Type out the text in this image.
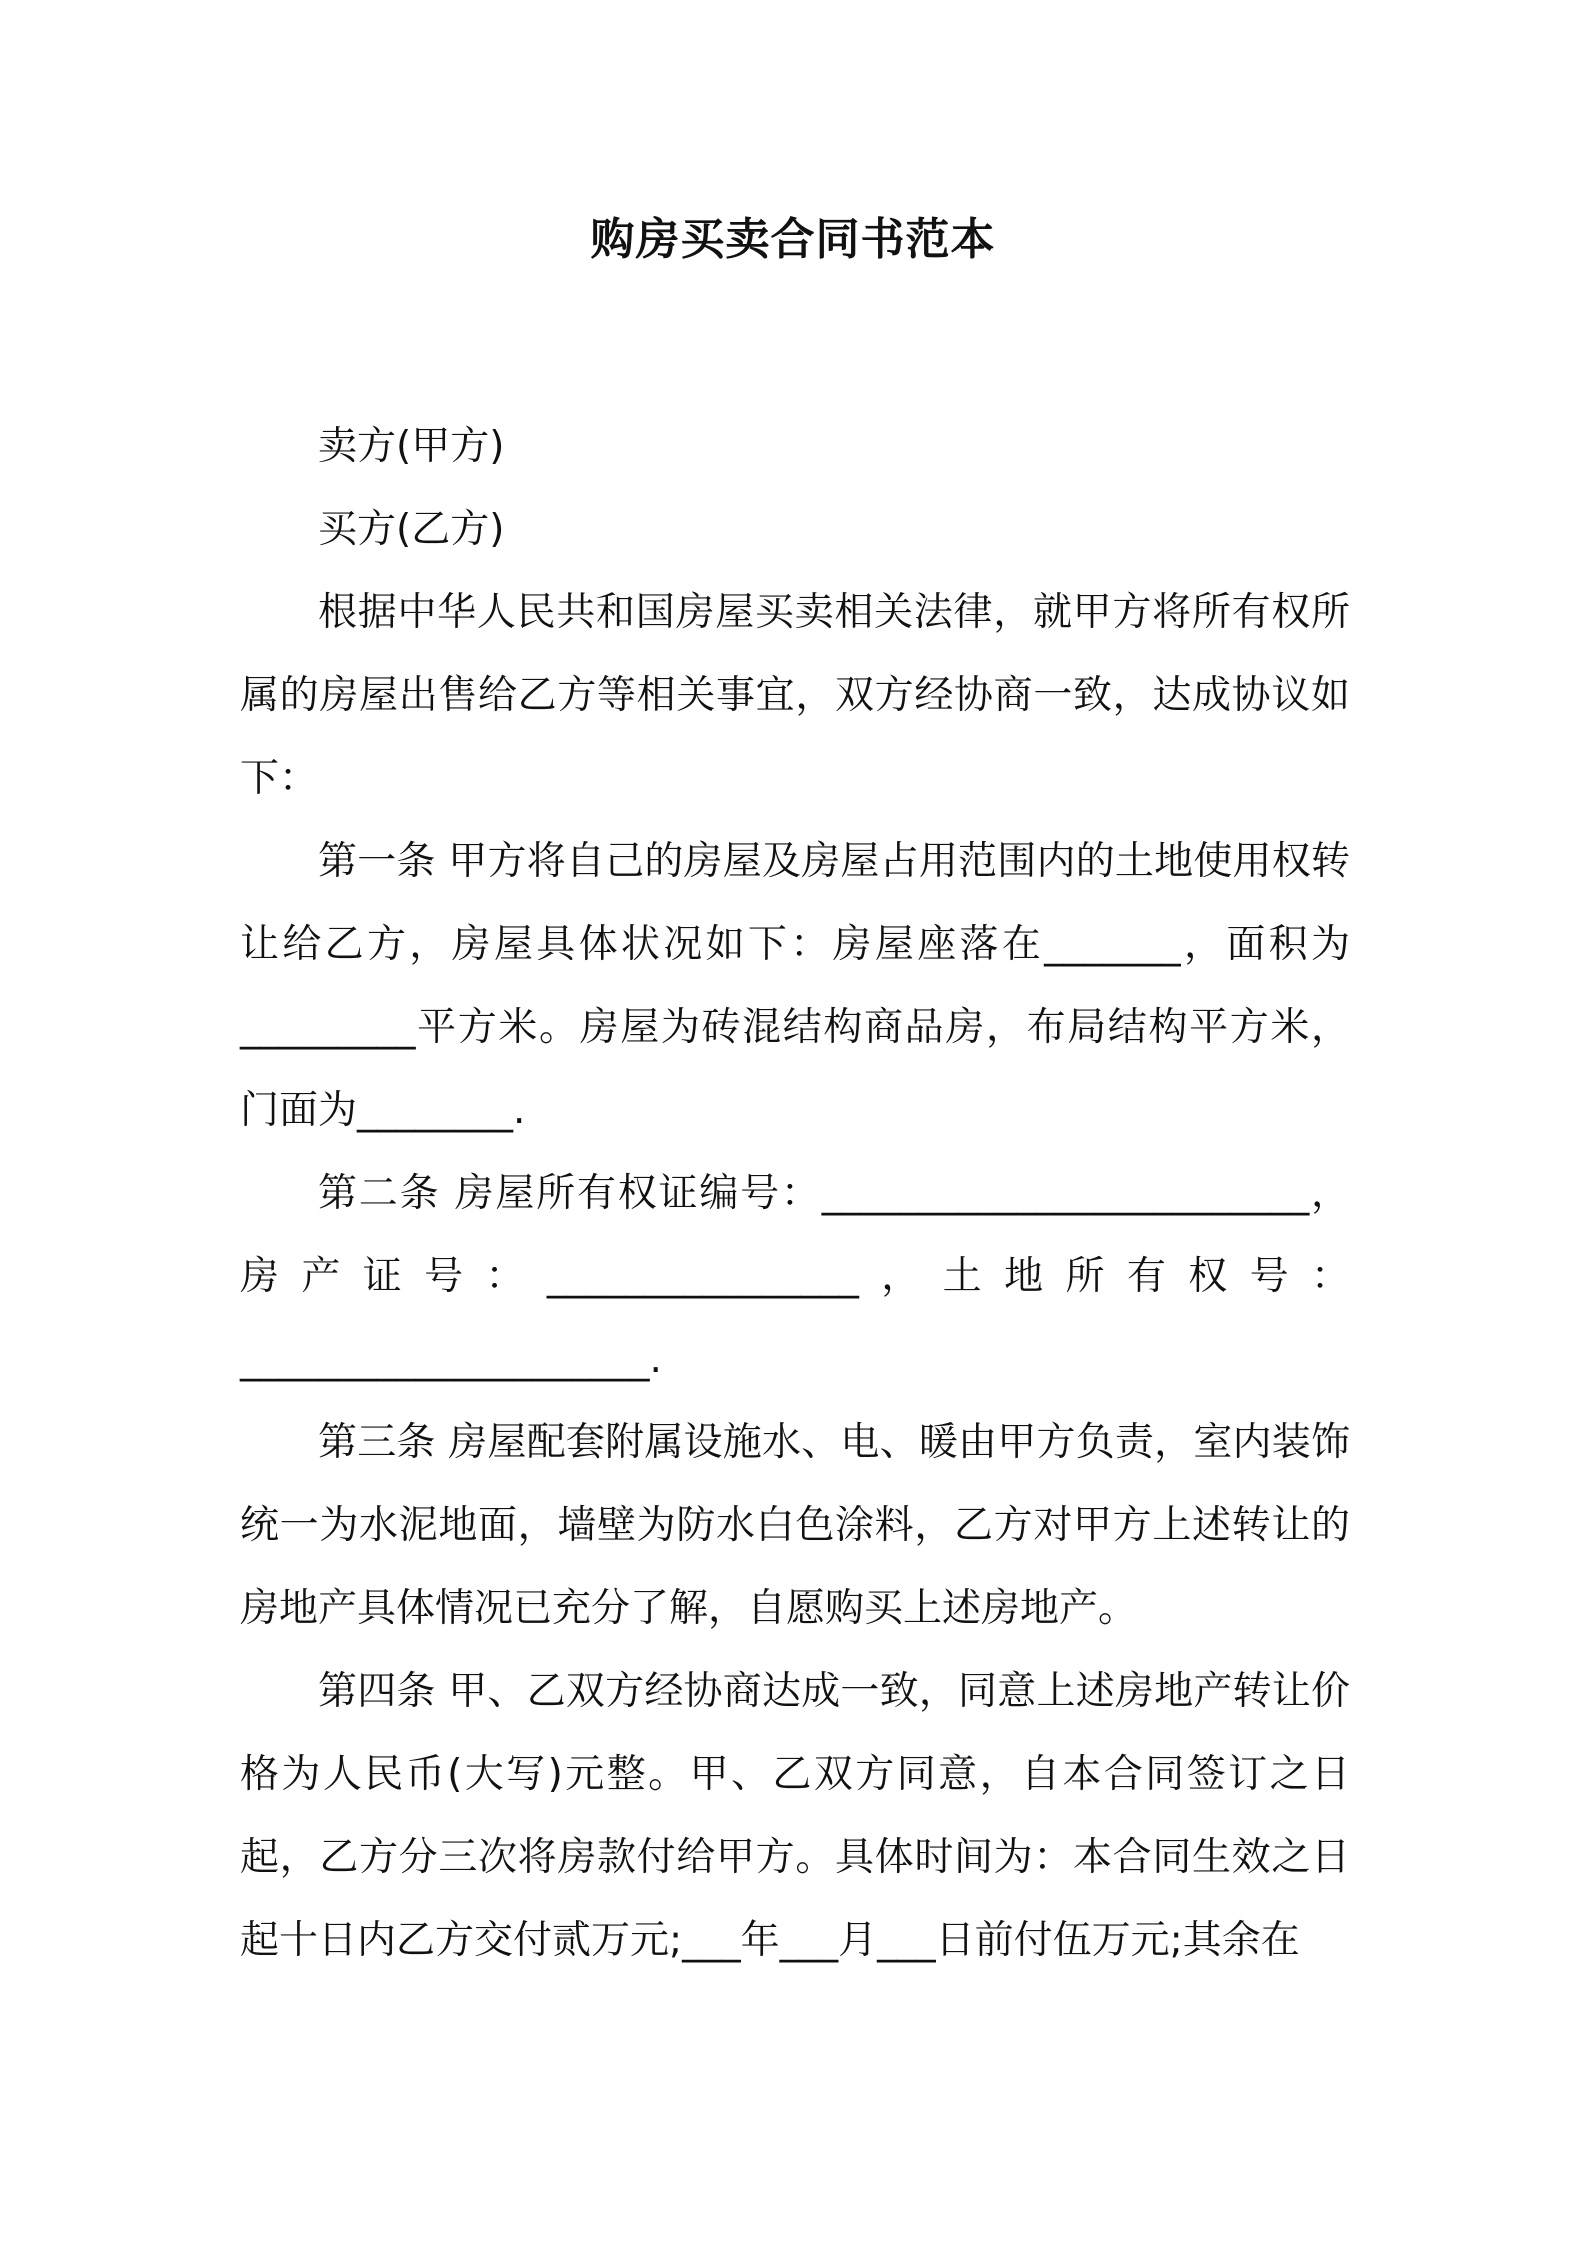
购房买卖合同书范本

卖方(甲方)

买方(乙方)

根据中华人民共和国房屋买卖相关法律，就甲方将所有权所属的房屋出售给乙方等相关事宜，双方经协商一致，达成协议如下：

第一条 甲方将自己的房屋及房屋占用范围内的土地使用权转让给乙方，房屋具体状况如下：房屋座落在_______，面积为_________平方米。房屋为砖混结构商品房，布局结构平方米，门面为________.

第二条 房屋所有权证编号：_________________________，房产证号：________________，土地所有权号：_____________________.

第三条 房屋配套附属设施水、电、暖由甲方负责，室内装饰统一为水泥地面，墙壁为防水白色涂料，乙方对甲方上述转让的房地产具体情况已充分了解，自愿购买上述房地产。

第四条 甲、乙双方经协商达成一致，同意上述房地产转让价格为人民币(大写)元整。甲、乙双方同意，自本合同签订之日起，乙方分三次将房款付给甲方。具体时间为：本合同生效之日起十日内乙方交付贰万元;___年___月___日前付伍万元;其余在
